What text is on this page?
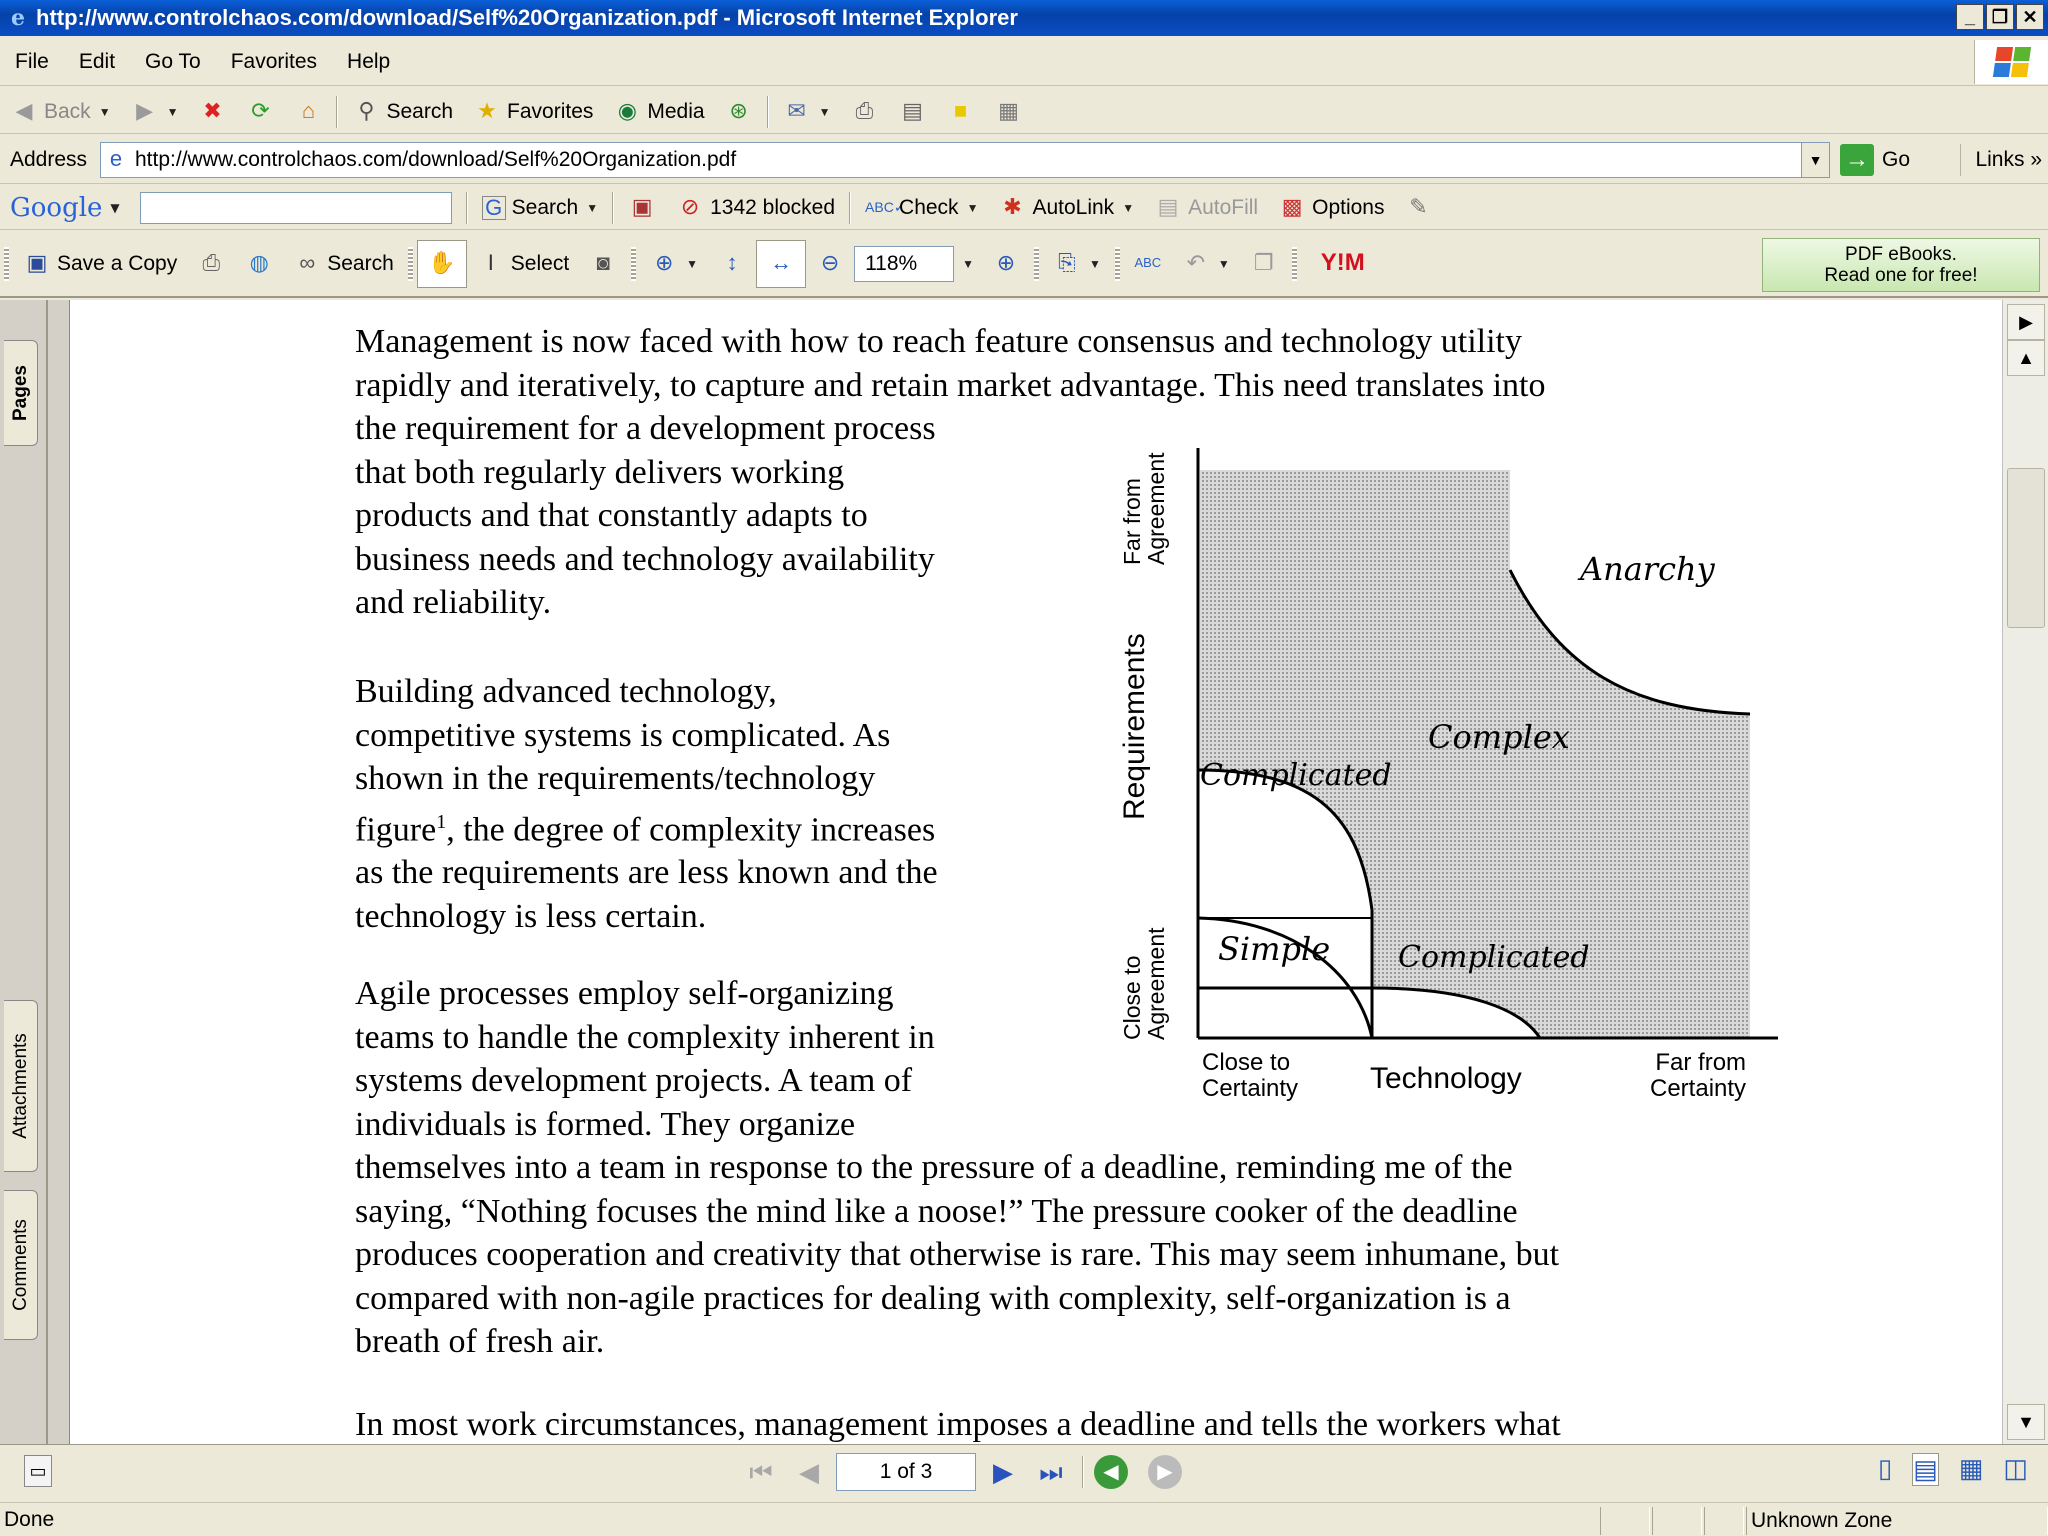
e http://www.controlchaos.com/download/Self%20Organization.pdf - Microsoft Internet Explorer	_ ❐ ✕
File	Edit	Go To	Favorites	Help
◀ Back ▼ ▶	▼ ✖ ⟳	⌂	⚲ Search ★ Favorites ◉ Media ⊛ ✉	▼ ⎙ ▤	■	▦
Address	e http://www.controlchaos.com/download/Self%20Organization.pdf	▼ → Go	Links »
Google ▼	G Search ▼ ▣ ⊘ 1342 blocked ABC✓
Check ▼ ✱ AutoLink ▼ ▤ AutoFill ▩ Options ✎
▣ Save a Copy ⎙ ◍ ∞ Search ✋	I Select	◙	⊕	▼	↕	↔ ⊖	118%	▼ ⊕ ⎘	▼	ABC ↶	▼ ❐	Y!M	PDF eBooks.
Read one for free!
Pages
Attachments
Comments
Management is now faced with how to reach feature consensus and technology utility
rapidly and iteratively, to capture and retain market advantage. This need translates into
the requirement for a development process
that both regularly delivers working
products and that constantly adapts to
business needs and technology availability
and reliability.
Building advanced technology,
competitive systems is complicated. As
shown in the requirements/technology
figure$^1$, the degree of complexity increases
as the requirements are less known and the
technology is less certain.
Agile processes employ self-organizing
teams to handle the complexity inherent in
systems development projects. A team of
individuals is formed. They organize
themselves into a team in response to the pressure of a deadline, reminding me of the
saying, “Nothing focuses the mind like a noose!” The pressure cooker of the deadline
produces cooperation and creativity that otherwise is rare. This may seem inhumane, but
compared with non-agile practices for dealing with complexity, self-organization is a
breath of fresh air.
In most work circumstances, management imposes a deadline and tells the workers what
Anarchy
Complex
Complicated
Simple Complicated
Requirements
Far from Agreement
Close to Agreement
Close to
Certainty Technology	Far from
Certainty
▶
▲
▼
▭	⏮	◀	1 of 3	▶	⏭	◀	▶	▯ ▤ ▦ ◫
Done	Unknown Zone
